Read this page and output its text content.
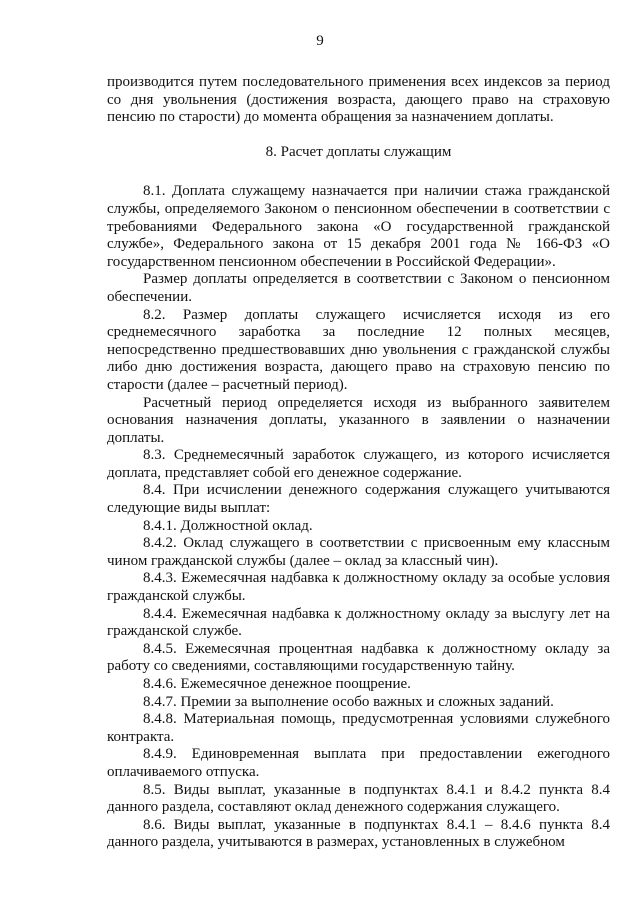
9

производится путем последовательного применения всех индексов за период со дня увольнения (достижения возраста, дающего право на страховую пенсию по старости) до момента обращения за назначением доплаты.

8. Расчет доплаты служащим

8.1. Доплата служащему назначается при наличии стажа гражданской службы, определяемого Законом о пенсионном обеспечении в соответствии с требованиями Федерального закона «О государственной гражданской службе», Федерального закона от 15 декабря 2001 года № 166-ФЗ «О государственном пенсионном обеспечении в Российской Федерации».

Размер доплаты определяется в соответствии с Законом о пенсионном обеспечении.

8.2. Размер доплаты служащего исчисляется исходя из его среднемесячного заработка за последние 12 полных месяцев, непосредственно предшествовавших дню увольнения с гражданской службы либо дню достижения возраста, дающего право на страховую пенсию по старости (далее – расчетный период).

Расчетный период определяется исходя из выбранного заявителем основания назначения доплаты, указанного в заявлении о назначении доплаты.

8.3. Среднемесячный заработок служащего, из которого исчисляется доплата, представляет собой его денежное содержание.

8.4. При исчислении денежного содержания служащего учитываются следующие виды выплат:

8.4.1. Должностной оклад.

8.4.2. Оклад служащего в соответствии с присвоенным ему классным чином гражданской службы (далее – оклад за классный чин).

8.4.3. Ежемесячная надбавка к должностному окладу за особые условия гражданской службы.

8.4.4. Ежемесячная надбавка к должностному окладу за выслугу лет на гражданской службе.

8.4.5. Ежемесячная процентная надбавка к должностному окладу за работу со сведениями, составляющими государственную тайну.

8.4.6. Ежемесячное денежное поощрение.

8.4.7. Премии за выполнение особо важных и сложных заданий.

8.4.8. Материальная помощь, предусмотренная условиями служебного контракта.

8.4.9. Единовременная выплата при предоставлении ежегодного оплачиваемого отпуска.

8.5. Виды выплат, указанные в подпунктах 8.4.1 и 8.4.2 пункта 8.4 данного раздела, составляют оклад денежного содержания служащего.

8.6. Виды выплат, указанные в подпунктах 8.4.1 – 8.4.6 пункта 8.4 данного раздела, учитываются в размерах, установленных в служебном
